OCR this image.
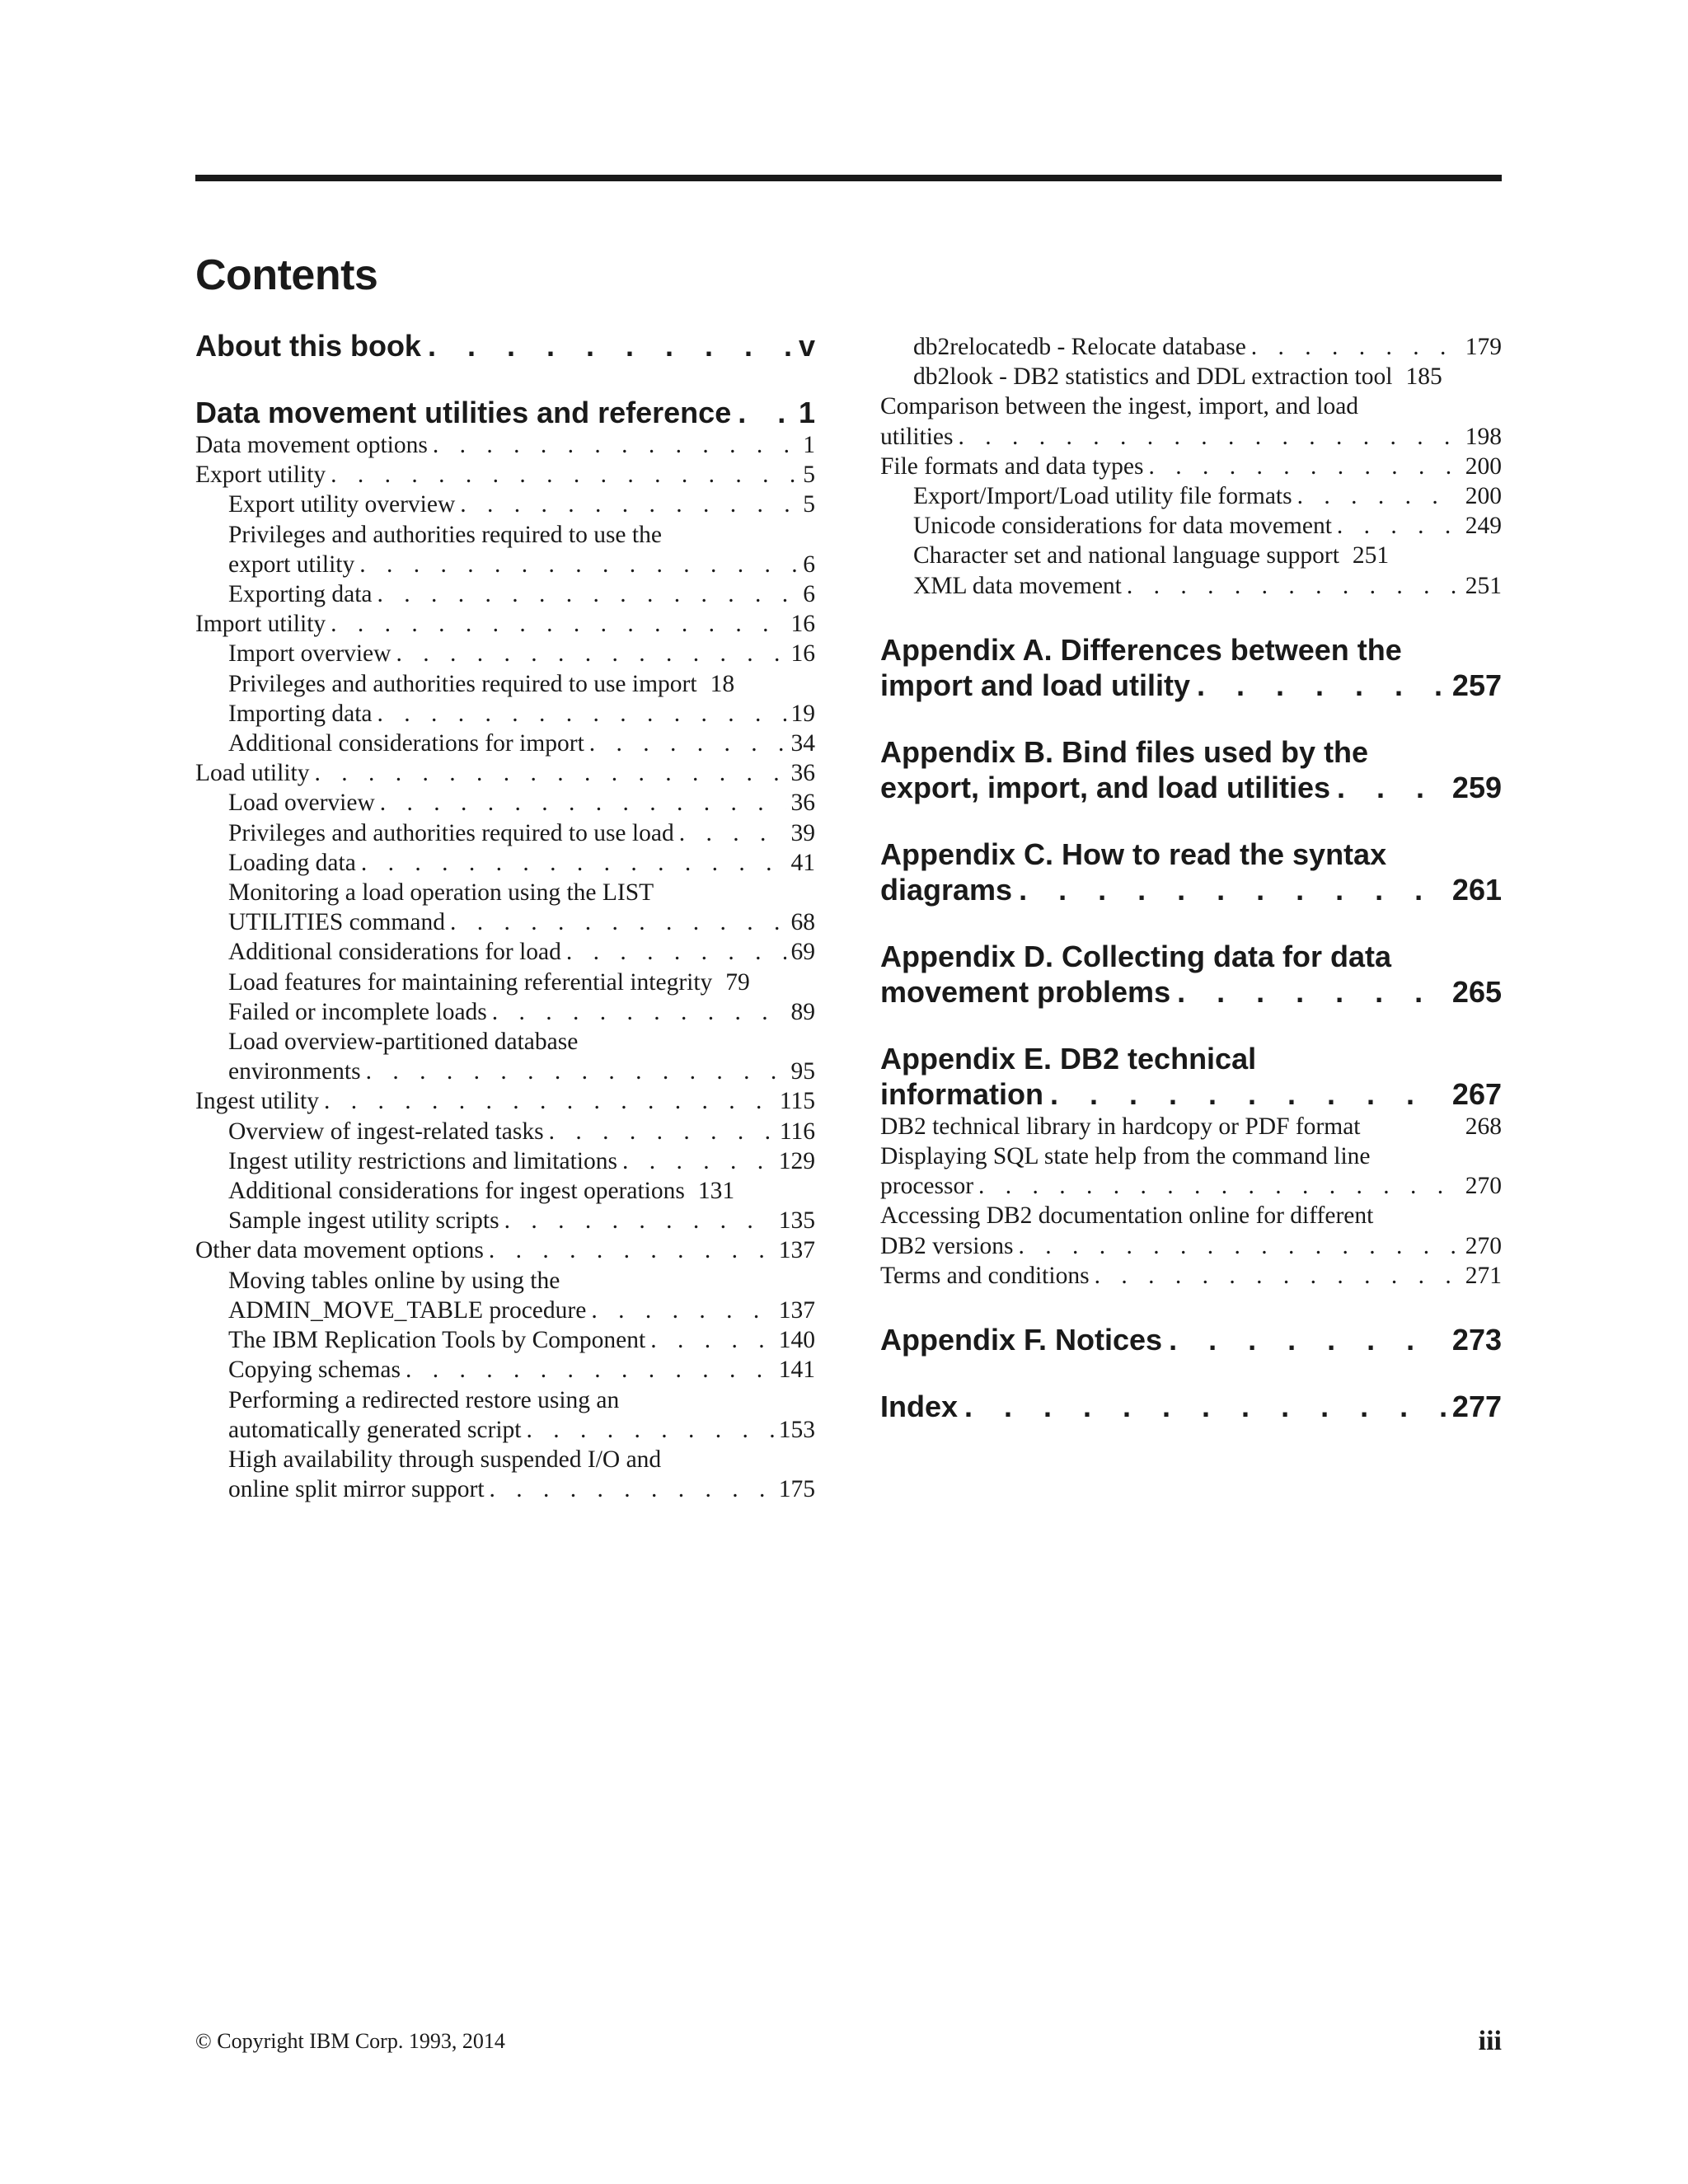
Contents
About this book . . .	v
Data movement utilities and reference . . . 1
Data movement options . . .	1
Export utility . . .	5
Export utility overview . . .	5
Privileges and authorities required to use the
export utility . . .	6
Exporting data . . .	6
Import utility . . .	16
Import overview . . .	16
Privileges and authorities required to use import 18
Importing data . . .	19
Additional considerations for import . . .	34
Load utility . . .	36
Load overview . . .	36
Privileges and authorities required to use load . . .	39
Loading data . . .	41
Monitoring a load operation using the LIST
UTILITIES command . . .	68
Additional considerations for load . . .	69
Load features for maintaining referential integrity 79
Failed or incomplete loads . . .	89
Load overview-partitioned database
environments . . .	95
Ingest utility . . .	115
Overview of ingest-related tasks . . .	116
Ingest utility restrictions and limitations . . .	129
Additional considerations for ingest operations 131
Sample ingest utility scripts . . .	135
Other data movement options . . .	137
Moving tables online by using the
ADMIN_MOVE_TABLE procedure . . .	137
The IBM Replication Tools by Component . . .	140
Copying schemas . . .	141
Performing a redirected restore using an
automatically generated script . . .	153
High availability through suspended I/O and
online split mirror support . . .	175
db2relocatedb - Relocate database . . .	179
db2look - DB2 statistics and DDL extraction tool 185
Comparison between the ingest, import, and load
utilities . . .	198
File formats and data types . . .	200
Export/Import/Load utility file formats . . .	200
Unicode considerations for data movement . . .	249
Character set and national language support 251
XML data movement . . .	251
Appendix A. Differences between the
import and load utility . . .	257
Appendix B. Bind files used by the
export, import, and load utilities . . .	259
Appendix C. How to read the syntax
diagrams . . .	261
Appendix D. Collecting data for data
movement problems . . .	265
Appendix E. DB2 technical
information . . .	267
DB2 technical library in hardcopy or PDF format	268
Displaying SQL state help from the command line
processor . . .	270
Accessing DB2 documentation online for different
DB2 versions . . .	270
Terms and conditions . . .	271
Appendix F. Notices . . .	273
Index . . .	277
© Copyright IBM Corp. 1993, 2014	iii
